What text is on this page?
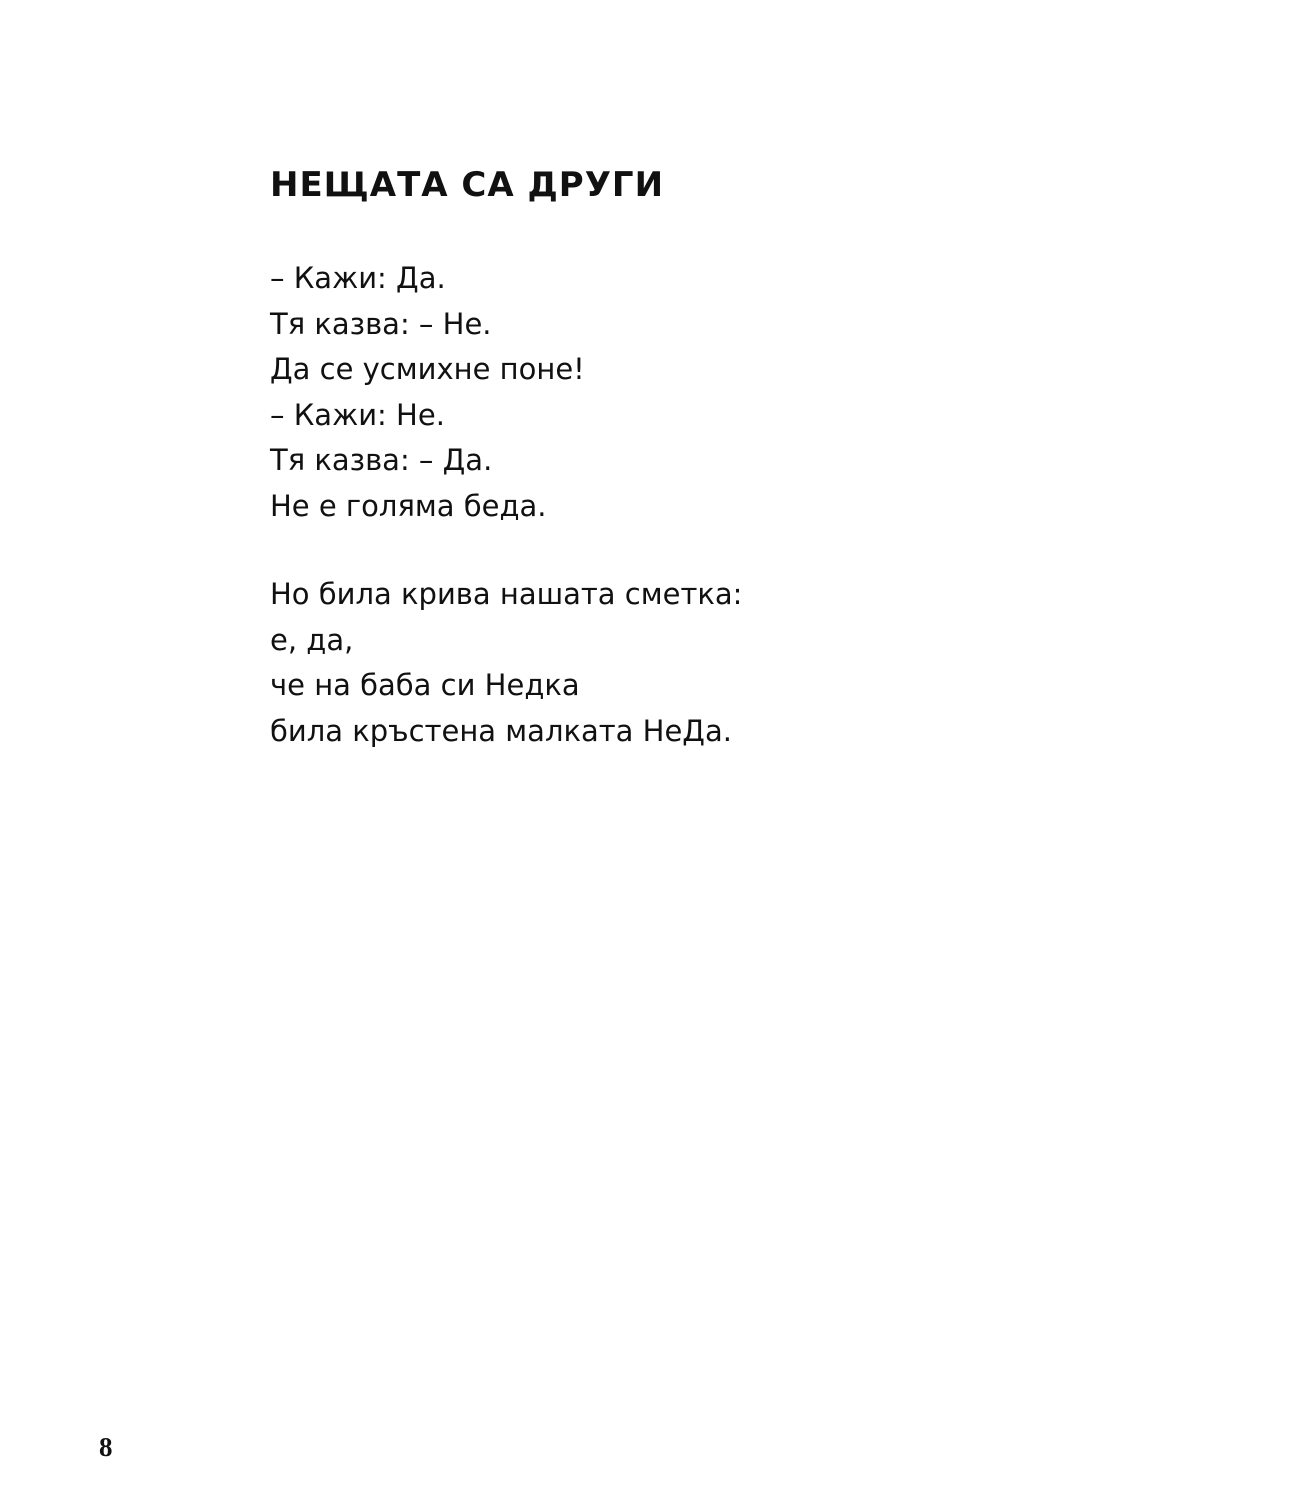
НЕЩАТА СА ДРУГИ
– Кажи: Да.
Тя казва: – Не.
Да се усмихне поне!
– Кажи: Не.
Тя казва: – Да.
Не е голяма беда.
Но била крива нашата сметка:
е, да,
че на баба си Недка
била кръстена малката НеДа.

8
